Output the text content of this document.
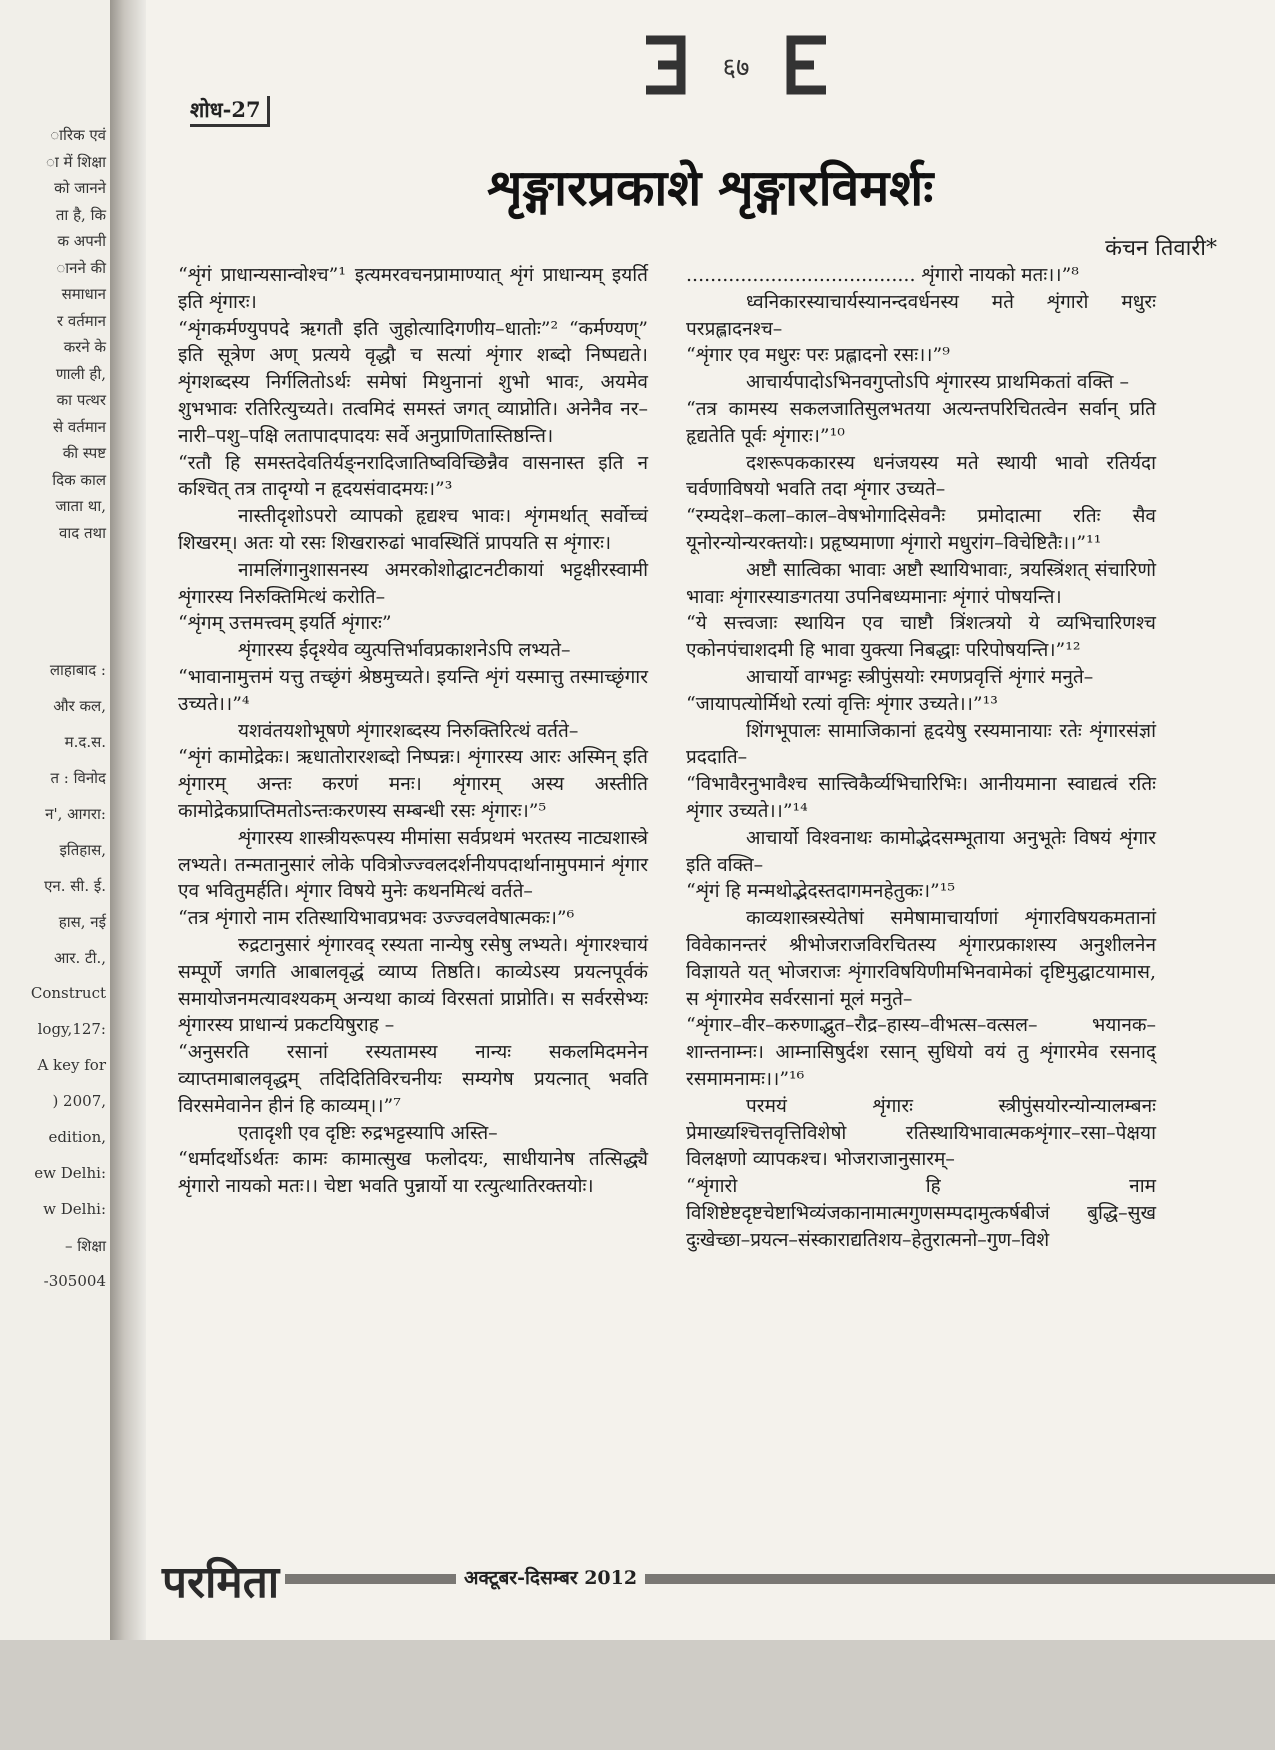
ारिक एवं
ा में शिक्षा
को जानने
ता है, कि
क अपनी
ानने की
समाधान
र वर्तमान
करने के
णाली ही,
का पत्थर
से वर्तमान
की स्पष्ट
दिक काल
जाता था,
वाद तथा
लाहाबाद :
और कल,
म.द.स.
त : विनोद
न', आगरा:
इतिहास,
एन. सी. ई.
हास, नई
आर. टी.,
Construct
logy,127:
A key for
) 2007,
edition,
ew Delhi:
w Delhi:
– शिक्षा
-305004
६७
शोध-27
शृङ्गारप्रकाशे शृङ्गारविमर्शः
कंचन तिवारी*

“शृंगं प्राधान्यसान्वोश्च”¹ इत्यमरवचनप्रामाण्यात् शृंगं प्राधान्यम् इयर्ति इति शृंगारः।

“शृंगकर्मण्युपपदे ऋगतौ इति जुहोत्यादिगणीय–धातोः”² “कर्मण्यण्” इति सूत्रेण अण् प्रत्यये वृद्धौ च सत्यां शृंगार शब्दो निष्पद्यते। शृंगशब्दस्य निर्गलितोऽर्थः समेषां मिथुनानां शुभो भावः, अयमेव शुभभावः रतिरित्युच्यते। तत्वमिदं समस्तं जगत् व्याप्नोति। अनेनैव नर–नारी–पशु–पक्षि लतापादपादयः सर्वे अनुप्राणितास्तिष्ठन्ति।

“रतौ हि समस्तदेवतिर्यङ्नरादिजातिष्वविच्छिन्नैव वासनास्त इति न कश्चित् तत्र तादृग्यो न हृदयसंवादमयः।”³

नास्तीदृशोऽपरो व्यापको हृद्यश्च भावः। शृंगमर्थात् सर्वोच्चं शिखरम्। अतः यो रसः शिखरारुढां भावस्थितिं प्रापयति स शृंगारः।

नामलिंगानुशासनस्य अमरकोशोद्घाटनटीकायां भट्टक्षीरस्वामी शृंगारस्य निरुक्तिमित्थं करोति–

“शृंगम् उत्तमत्त्वम् इयर्ति शृंगारः”

शृंगारस्य ईदृश्येव व्युत्पत्तिर्भावप्रकाशनेऽपि लभ्यते–

“भावानामुत्तमं यत्तु तच्छृंगं श्रेष्ठमुच्यते। इयन्ति शृंगं यस्मात्तु तस्माच्छृंगार उच्यते।।”⁴

यशवंतयशोभूषणे शृंगारशब्दस्य निरुक्तिरित्थं वर्तते–

“शृंगं कामोद्रेकः। ऋधातोरारशब्दो निष्पन्नः। शृंगारस्य आरः अस्मिन् इति शृंगारम् अन्तः करणं मनः। शृंगारम् अस्य अस्तीति कामोद्रेकप्राप्तिमतोऽन्तःकरणस्य सम्बन्धी रसः शृंगारः।”⁵

शृंगारस्य शास्त्रीयरूपस्य मीमांसा सर्वप्रथमं भरतस्य नाट्यशास्त्रे लभ्यते। तन्मतानुसारं लोके पवित्रोज्ज्वलदर्शनीयपदार्थानामुपमानं शृंगार एव भवितुमर्हति। शृंगार विषये मुनेः कथनमित्थं वर्तते–

“तत्र शृंगारो नाम रतिस्थायिभावप्रभवः उज्ज्वलवेषात्मकः।”⁶

रुद्रटानुसारं शृंगारवद् रस्यता नान्येषु रसेषु लभ्यते। शृंगारश्चायं सम्पूर्णे जगति आबालवृद्धं व्याप्य तिष्ठति। काव्येऽस्य प्रयत्नपूर्वकं समायोजनमत्यावश्यकम् अन्यथा काव्यं विरसतां प्राप्नोति। स सर्वरसेभ्यः शृंगारस्य प्राधान्यं प्रकटयिषुराह –

“अनुसरति रसानां रस्यतामस्य नान्यः सकलमिदमनेन व्याप्तमाबालवृद्धम् तदिदितिविरचनीयः सम्यगेष प्रयत्नात् भवति विरसमेवानेन हीनं हि काव्यम्।।”⁷

एतादृशी एव दृष्टिः रुद्रभट्टस्यापि अस्ति–

“धर्मादर्थोऽर्थतः कामः कामात्सुख फलोदयः, साधीयानेष तत्सिद्ध्यै शृंगारो नायको मतः।। चेष्टा भवति पुन्नार्यो या रत्युत्थातिरक्तयोः।

...................................... शृंगारो नायको मतः।।”⁸

ध्वनिकारस्याचार्यस्यानन्दवर्धनस्य मते शृंगारो मधुरः परप्रह्लादनश्च–

“शृंगार एव मधुरः परः प्रह्लादनो रसः।।”⁹

आचार्यपादोऽभिनवगुप्तोऽपि शृंगारस्य प्राथमिकतां वक्ति –

“तत्र कामस्य सकलजातिसुलभतया अत्यन्तपरिचितत्वेन सर्वान् प्रति हृद्यतेति पूर्वः शृंगारः।”¹⁰

दशरूपककारस्य धनंजयस्य मते स्थायी भावो रतिर्यदा चर्वणाविषयो भवति तदा शृंगार उच्यते–

“रम्यदेश–कला–काल–वेषभोगादिसेवनैः प्रमोदात्मा रतिः सैव यूनोरन्योन्यरक्तयोः। प्रहृष्यमाणा शृंगारो मधुरांग–विचेष्टितैः।।”¹¹

अष्टौ सात्विका भावाः अष्टौ स्थायिभावाः, त्रयस्त्रिंशत् संचारिणो भावाः शृंगारस्याङगतया उपनिबध्यमानाः शृंगारं पोषयन्ति।

“ये सत्त्वजाः स्थायिन एव चाष्टौ त्रिंशत्त्रयो ये व्यभिचारिणश्च एकोनपंचाशदमी हि भावा युक्त्या निबद्धाः परिपोषयन्ति।”¹²

आचार्यो वाग्भट्टः स्त्रीपुंसयोः रमणप्रवृत्तिं शृंगारं मनुते–

“जायापत्योर्मिथो रत्यां वृत्तिः शृंगार उच्यते।।”¹³

शिंगभूपालः सामाजिकानां हृदयेषु रस्यमानायाः रतेः शृंगारसंज्ञां प्रददाति–

“विभावैरनुभावैश्च सात्त्विकैर्व्यभिचारिभिः। आनीयमाना स्वाद्यत्वं रतिः शृंगार उच्यते।।”¹⁴

आचार्यो विश्वनाथः कामोद्भेदसम्भूताया अनुभूतेः विषयं शृंगार इति वक्ति–

“शृंगं हि मन्मथोद्भेदस्तदागमनहेतुकः।”¹⁵

काव्यशास्त्रस्येतेषां समेषामाचार्याणां शृंगारविषयकमतानां विवेकानन्तरं श्रीभोजराजविरचितस्य शृंगारप्रकाशस्य अनुशीलनेन विज्ञायते यत् भोजराजः शृंगारविषयिणीमभिनवामेकां दृष्टिमुद्घाटयामास, स शृंगारमेव सर्वरसानां मूलं मनुते–

“शृंगार–वीर–करुणाद्भुत–रौद्र–हास्य–वीभत्स–वत्सल– भयानक–शान्तनाम्नः। आम्नासिषुर्दश रसान् सुधियो वयं तु शृंगारमेव रसनाद् रसमामनामः।।”¹⁶

परमयं शृंगारः स्त्रीपुंसयोरन्योन्यालम्बनः प्रेमाख्यश्चित्तवृत्तिविशेषो रतिस्थायिभावात्मकशृंगार–रसा–पेक्षया विलक्षणो व्यापकश्च। भोजराजानुसारम्–

“शृंगारो हि नाम विशिष्टेष्टदृष्टचेष्टाभिव्यंजकानामात्मगुणसम्पदामुत्कर्षबीजं बुद्धि–सुख दुःखेच्छा–प्रयत्न–संस्काराद्यतिशय–हेतुरात्मनो–गुण–विशे

परमिता	अक्टूबर-दिसम्बर 2012
